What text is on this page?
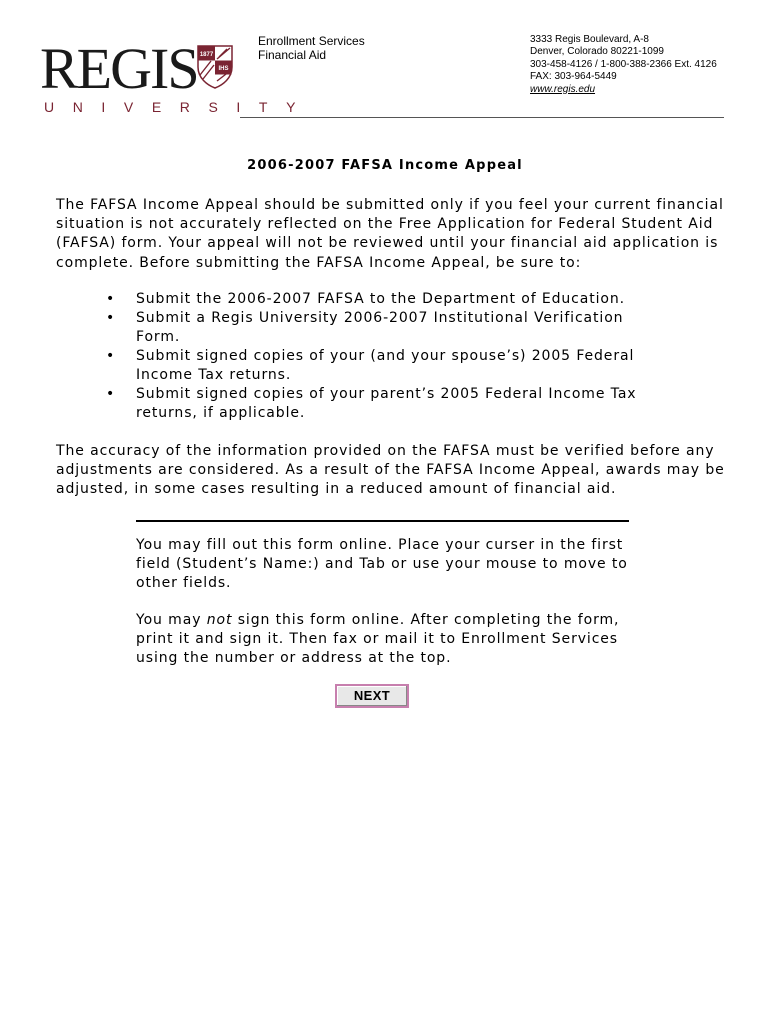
REGIS 1877
IHS
UNIVERSITY
Enrollment Services
Financial Aid
3333 Regis Boulevard, A-8
Denver, Colorado 80221-1099
303-458-4126 / 1-800-388-2366 Ext. 4126
FAX: 303-964-5449
www.regis.edu
2006-2007 FAFSA Income Appeal
The FAFSA Income Appeal should be submitted only if you feel your current financial situation is not accurately reflected on the Free Application for Federal Student Aid (FAFSA) form. Your appeal will not be reviewed until your financial aid application is complete. Before submitting the FAFSA Income Appeal, be sure to:
• Submit the 2006-2007 FAFSA to the Department of Education.
• Submit a Regis University 2006-2007 Institutional Verification Form.
• Submit signed copies of your (and your spouse’s) 2005 Federal Income Tax returns.
• Submit signed copies of your parent’s 2005 Federal Income Tax returns, if applicable.
The accuracy of the information provided on the FAFSA must be verified before any adjustments are considered. As a result of the FAFSA Income Appeal, awards may be adjusted, in some cases resulting in a reduced amount of financial aid.
You may fill out this form online. Place your curser in the first field (Student’s Name:) and Tab or use your mouse to move to other fields.
You may not sign this form online. After completing the form, print it and sign it. Then fax or mail it to Enrollment Services using the number or address at the top.
NEXT
